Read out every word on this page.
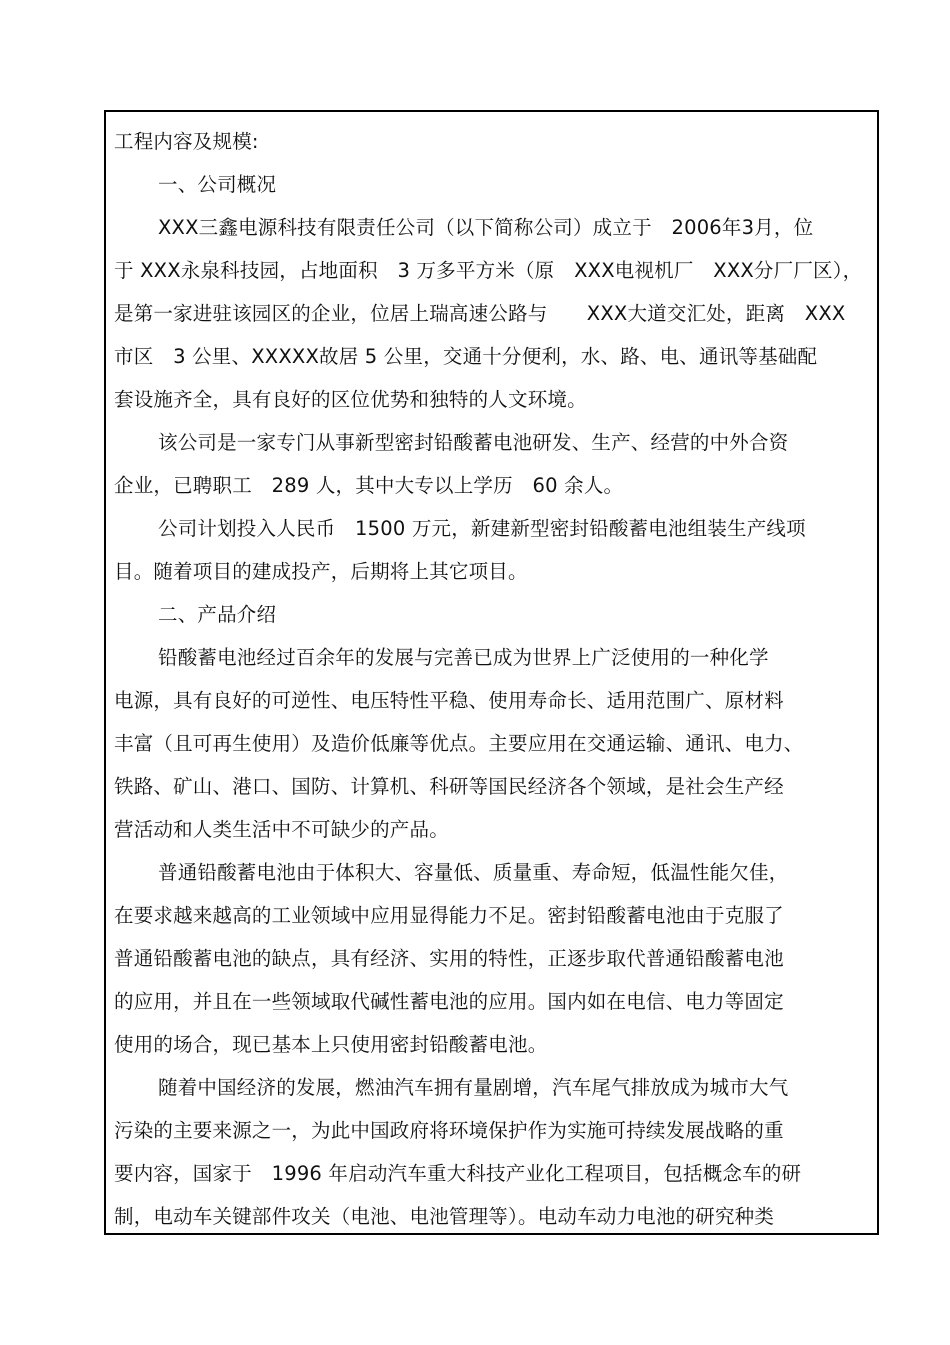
工程内容及规模:
一、公司概况
XXX三鑫电源科技有限责任公司（以下简称公司）成立于　2006年3月，位
于 XXX永泉科技园，占地面积　3 万多平方米（原　XXX电视机厂　XXX分厂厂区），
是第一家进驻该园区的企业，位居上瑞高速公路与　　XXX大道交汇处，距离　XXX
市区　3 公里、XXXXX故居 5 公里，交通十分便利，水、路、电、通讯等基础配
套设施齐全，具有良好的区位优势和独特的人文环境。
该公司是一家专门从事新型密封铅酸蓄电池研发、生产、经营的中外合资
企业，已聘职工　289 人，其中大专以上学历　60 余人。
公司计划投入人民币　1500 万元，新建新型密封铅酸蓄电池组装生产线项
目。随着项目的建成投产，后期将上其它项目。
二、产品介绍
铅酸蓄电池经过百余年的发展与完善已成为世界上广泛使用的一种化学
电源，具有良好的可逆性、电压特性平稳、使用寿命长、适用范围广、原材料
丰富（且可再生使用）及造价低廉等优点。主要应用在交通运输、通讯、电力、
铁路、矿山、港口、国防、计算机、科研等国民经济各个领域，是社会生产经
营活动和人类生活中不可缺少的产品。
普通铅酸蓄电池由于体积大、容量低、质量重、寿命短，低温性能欠佳，
在要求越来越高的工业领域中应用显得能力不足。密封铅酸蓄电池由于克服了
普通铅酸蓄电池的缺点，具有经济、实用的特性，正逐步取代普通铅酸蓄电池
的应用，并且在一些领域取代碱性蓄电池的应用。国内如在电信、电力等固定
使用的场合，现已基本上只使用密封铅酸蓄电池。
随着中国经济的发展，燃油汽车拥有量剧增，汽车尾气排放成为城市大气
污染的主要来源之一，为此中国政府将环境保护作为实施可持续发展战略的重
要内容，国家于　1996 年启动汽车重大科技产业化工程项目，包括概念车的研
制，电动车关键部件攻关（电池、电池管理等）。电动车动力电池的研究种类
